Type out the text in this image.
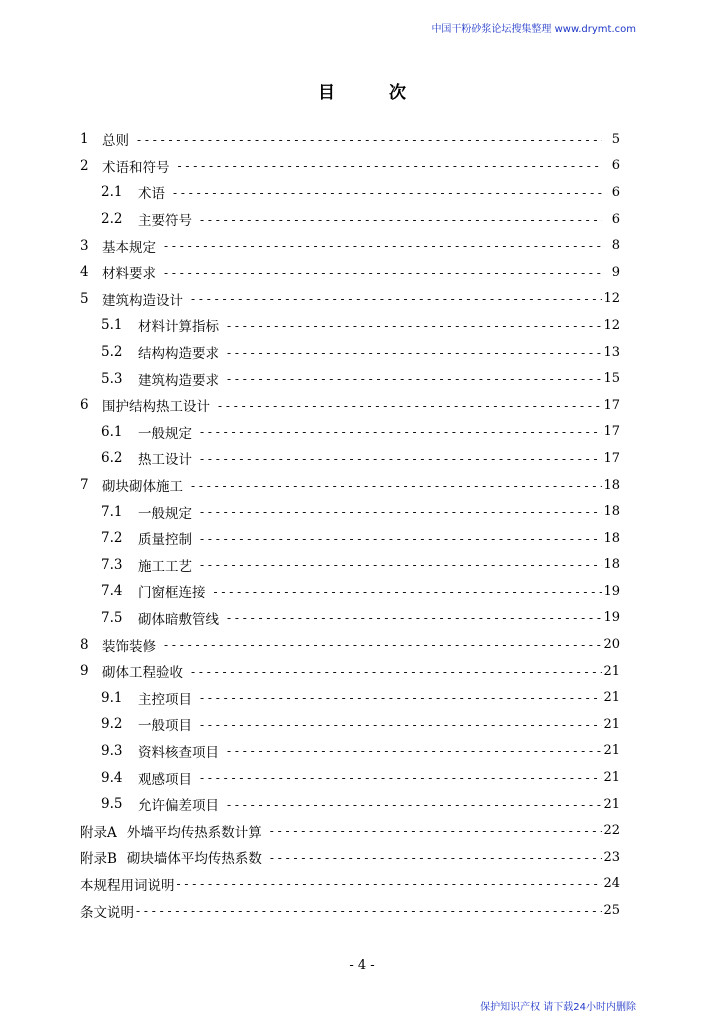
中国干粉砂浆论坛搜集整理 www.drymt.com
目 次
1 总则 - - -	5
2 术语和符号 - - -	6
2.1	术语 - - -	6
2.2	主要符号 - - -	6
3 基本规定 - - -	8
4 材料要求 - - -	9
5 建筑构造设计 - - -	12
5.1	材料计算指标 - - -	12
5.2	结构构造要求 - - -	13
5.3	建筑构造要求 - - -	15
6 围护结构热工设计 - - -	17
6.1	一般规定 - - -	17
6.2	热工设计 - - -	17
7 砌块砌体施工 - - -	18
7.1	一般规定 - - -	18
7.2	质量控制 - - -	18
7.3	施工工艺 - - -	18
7.4	门窗框连接 - - -	19
7.5	砌体暗敷管线 - - -	19
8 装饰装修 - - -	20
9 砌体工程验收 - - -	21
9.1	主控项目 - - -	21
9.2	一般项目 - - -	21
9.3	资料核查项目 - - -	21
9.4	观感项目 - - -	21
9.5	允许偏差项目 - - -	21
附录A 外墙平均传热系数计算 - - -	22
附录B 砌块墙体平均传热系数 - - -	23
本规程用词说明 - - -	24
条文说明 - - -	25
- 4 -
保护知识产权 请下载24小时内删除
